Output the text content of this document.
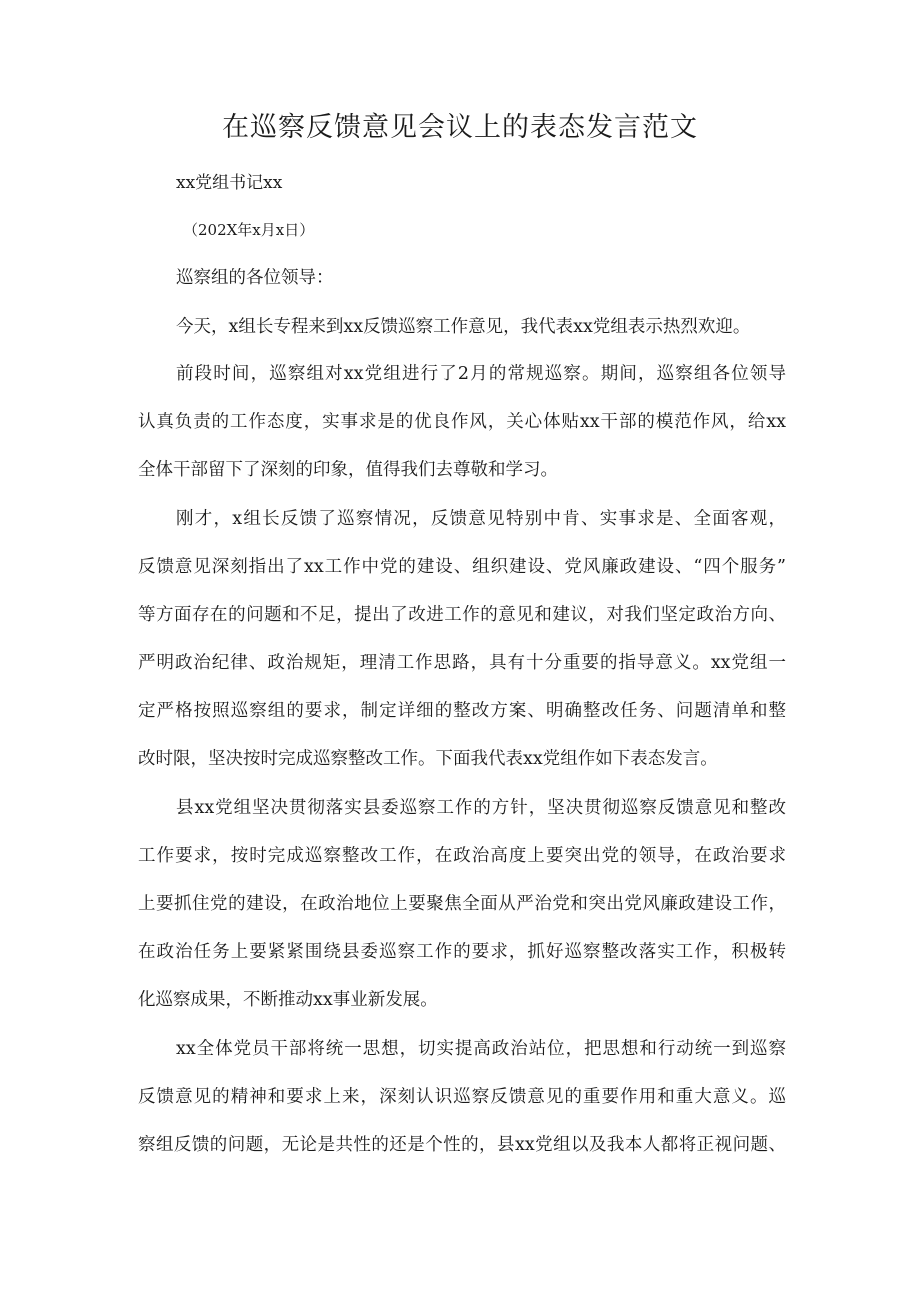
在巡察反馈意见会议上的表态发言范文

xx党组书记xx

（202X年x月x日）

巡察组的各位领导：

今天，x组长专程来到xx反馈巡察工作意见，我代表xx党组表示热烈欢迎。

前段时间，巡察组对xx党组进行了2月的常规巡察。期间，巡察组各位领导

认真负责的工作态度，实事求是的优良作风，关心体贴xx干部的模范作风，给xx

全体干部留下了深刻的印象，值得我们去尊敬和学习。

刚才，x组长反馈了巡察情况，反馈意见特别中肯、实事求是、全面客观，

反馈意见深刻指出了xx工作中党的建设、组织建设、党风廉政建设、“四个服务”

等方面存在的问题和不足，提出了改进工作的意见和建议，对我们坚定政治方向、

严明政治纪律、政治规矩，理清工作思路，具有十分重要的指导意义。xx党组一

定严格按照巡察组的要求，制定详细的整改方案、明确整改任务、问题清单和整

改时限，坚决按时完成巡察整改工作。下面我代表xx党组作如下表态发言。

县xx党组坚决贯彻落实县委巡察工作的方针，坚决贯彻巡察反馈意见和整改

工作要求，按时完成巡察整改工作，在政治高度上要突出党的领导，在政治要求

上要抓住党的建设，在政治地位上要聚焦全面从严治党和突出党风廉政建设工作，

在政治任务上要紧紧围绕县委巡察工作的要求，抓好巡察整改落实工作，积极转

化巡察成果，不断推动xx事业新发展。

xx全体党员干部将统一思想，切实提高政治站位，把思想和行动统一到巡察

反馈意见的精神和要求上来，深刻认识巡察反馈意见的重要作用和重大意义。巡

察组反馈的问题，无论是共性的还是个性的，县xx党组以及我本人都将正视问题、
